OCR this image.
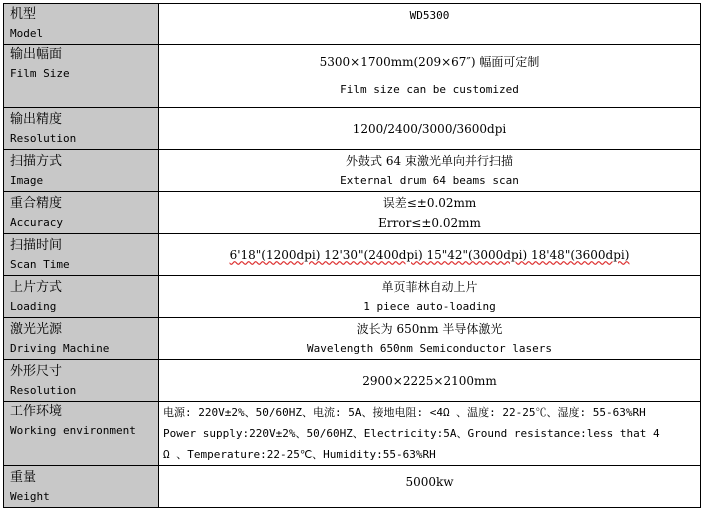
机型
Model	WD5300

输出幅面
Film Size	5300×1700mm(209×67″) 幅面可定制
Film size can be customized

输出精度
Resolution	1200/2400/3000/3600dpi

扫描方式
Image	外鼓式 64 束激光单向并行扫描
External drum 64 beams scan

重合精度
Accuracy	误差≤±0.02mm
Error≤±0.02mm

扫描时间
Scan Time	6'18"(1200dpi) 12'30"(2400dpi) 15"42"(3000dpi) 18'48"(3600dpi)

上片方式
Loading	单页菲林自动上片
1 piece auto-loading

激光光源
Driving Machine	波长为 650nm 半导体激光
Wavelength 650nm Semiconductor lasers

外形尺寸
Resolution	2900×2225×2100mm

工作环境
Working environment	电源: 220V±2%、50/60HZ、电流: 5A、接地电阻: <4Ω 、温度: 22-25℃、湿度: 55-63%RH
Power supply:220V±2%、50/60HZ、Electricity:5A、Ground resistance:less that 4
Ω 、Temperature:22-25℃、Humidity:55-63%RH

重量
Weight	5000kw
